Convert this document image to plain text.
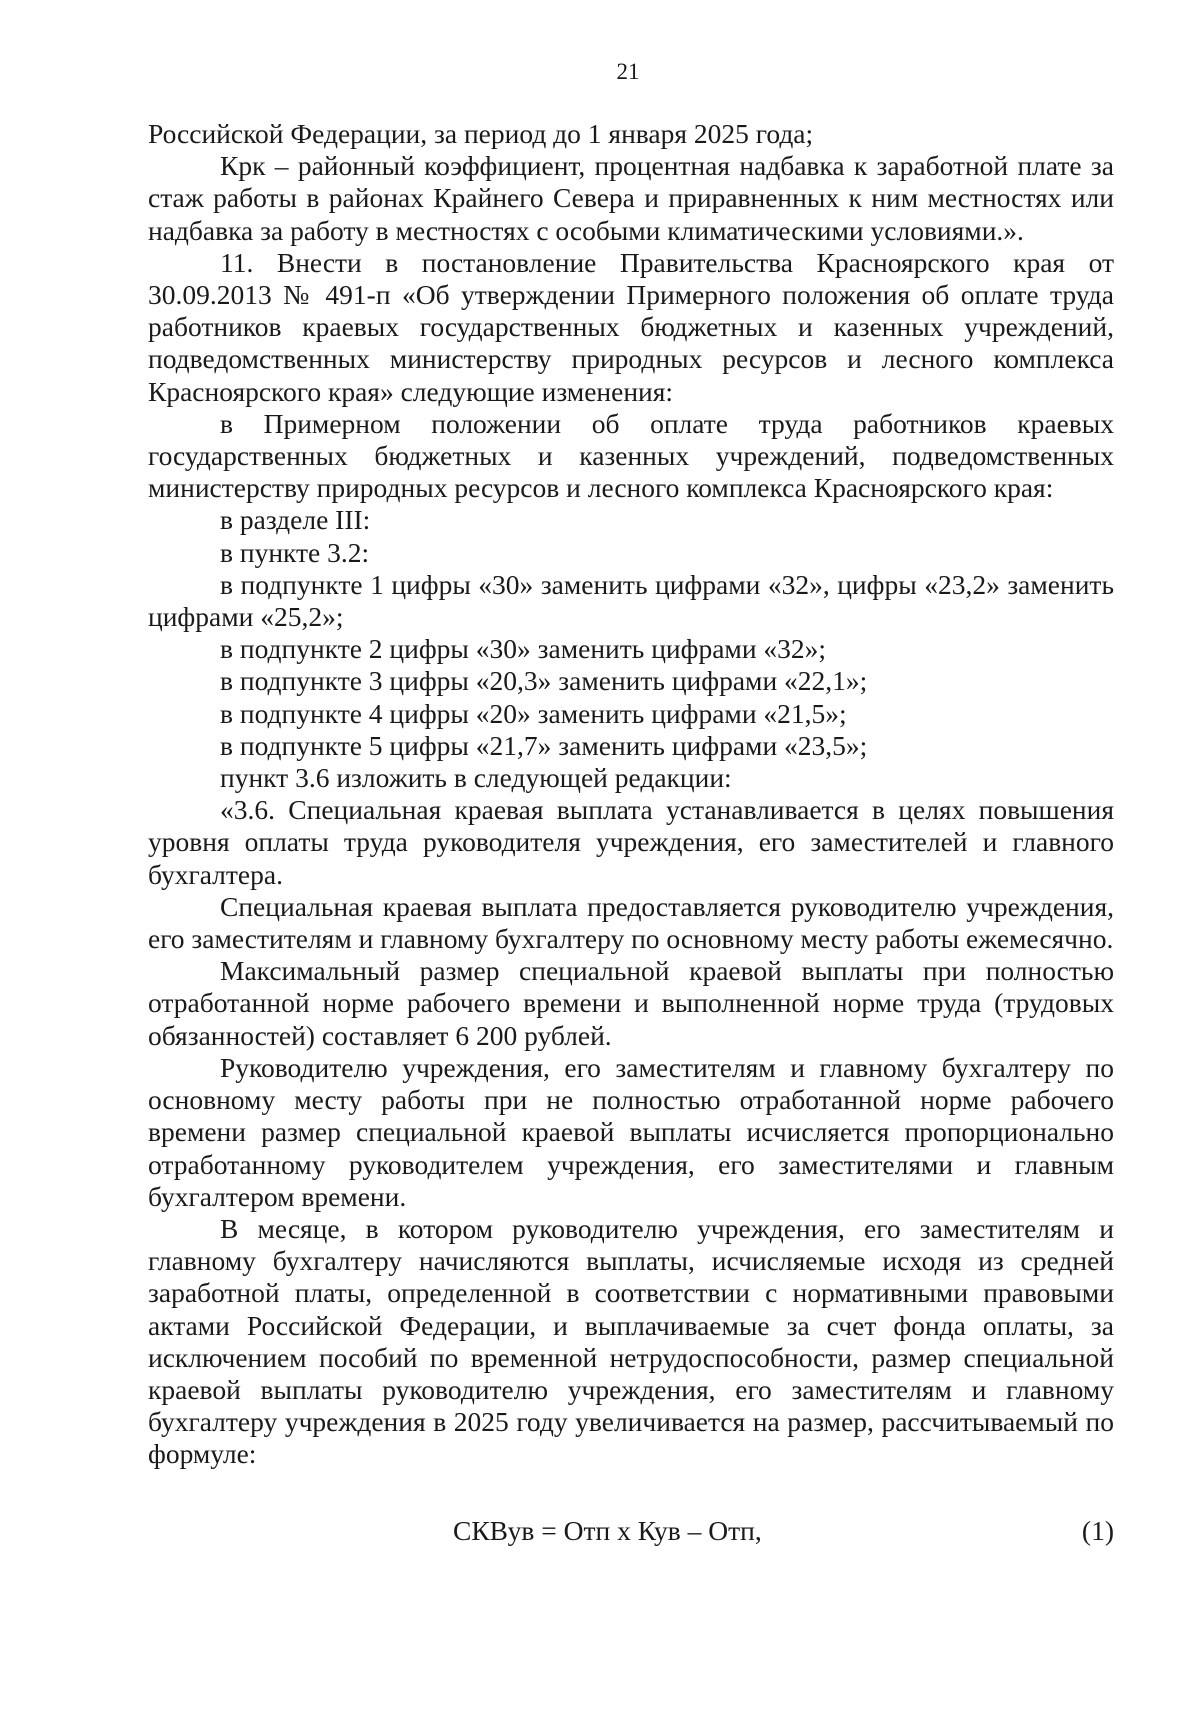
21

Российской Федерации, за период до 1 января 2025 года;

Крк – районный коэффициент, процентная надбавка к заработной плате за стаж работы в районах Крайнего Севера и приравненных к ним местностях или надбавка за работу в местностях с особыми климатическими условиями.».

11. Внести в постановление Правительства Красноярского края от 30.09.2013 № 491-п «Об утверждении Примерного положения об оплате труда работников краевых государственных бюджетных и казенных учреждений, подведомственных министерству природных ресурсов и лесного комплекса Красноярского края» следующие изменения:

в Примерном положении об оплате труда работников краевых государственных бюджетных и казенных учреждений, подведомственных министерству природных ресурсов и лесного комплекса Красноярского края:

в разделе III:

в пункте 3.2:

в подпункте 1 цифры «30» заменить цифрами «32», цифры «23,2» заменить цифрами «25,2»;

в подпункте 2 цифры «30» заменить цифрами «32»;

в подпункте 3 цифры «20,3» заменить цифрами «22,1»;

в подпункте 4 цифры «20» заменить цифрами «21,5»;

в подпункте 5 цифры «21,7» заменить цифрами «23,5»;

пункт 3.6 изложить в следующей редакции:

«3.6. Специальная краевая выплата устанавливается в целях повышения уровня оплаты труда руководителя учреждения, его заместителей и главного бухгалтера.

Специальная краевая выплата предоставляется руководителю учреждения, его заместителям и главному бухгалтеру по основному месту работы ежемесячно.

Максимальный размер специальной краевой выплаты при полностью отработанной норме рабочего времени и выполненной норме труда (трудовых обязанностей) составляет 6 200 рублей.

Руководителю учреждения, его заместителям и главному бухгалтеру по основному месту работы при не полностью отработанной норме рабочего времени размер специальной краевой выплаты исчисляется пропорционально отработанному руководителем учреждения, его заместителями и главным бухгалтером времени.

В месяце, в котором руководителю учреждения, его заместителям и главному бухгалтеру начисляются выплаты, исчисляемые исходя из средней заработной платы, определенной в соответствии с нормативными правовыми актами Российской Федерации, и выплачиваемые за счет фонда оплаты, за исключением пособий по временной нетрудоспособности, размер специальной краевой выплаты руководителю учреждения, его заместителям и главному бухгалтеру учреждения в 2025 году увеличивается на размер, рассчитываемый по формуле:

СКВув = Отп х Кув – Отп,	(1)
